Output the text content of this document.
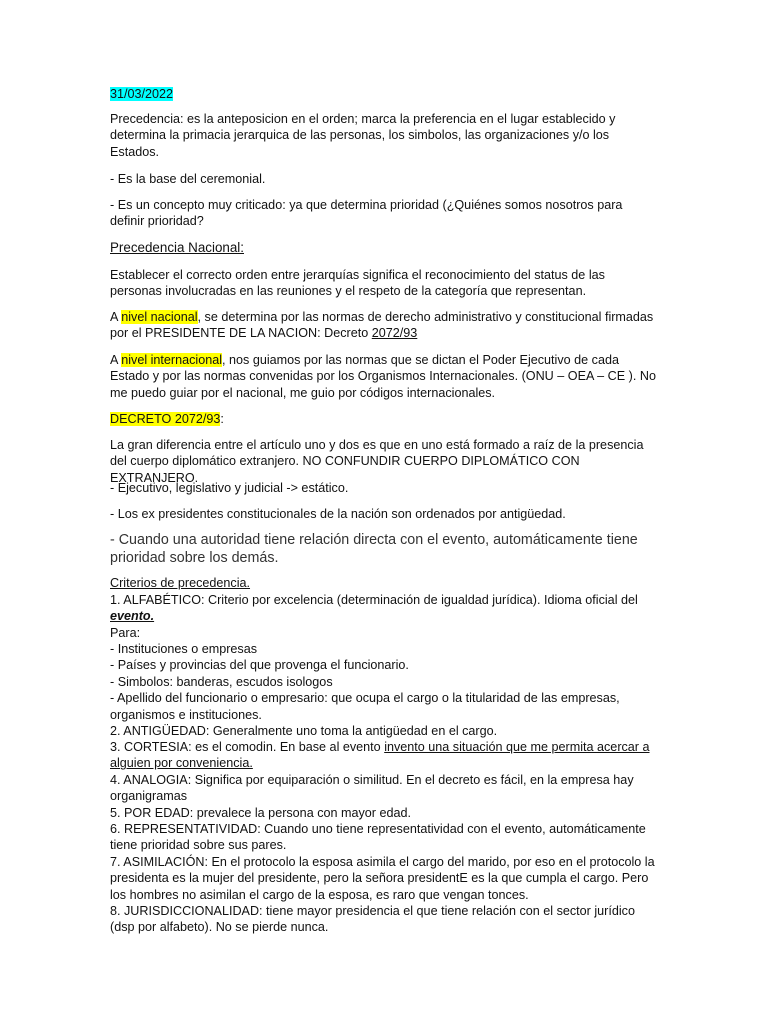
31/03/2022

Precedencia: es la anteposicion en el orden; marca la preferencia en el lugar establecido y determina la primacia jerarquica de las personas, los simbolos, las organizaciones y/o los Estados.

- Es la base del ceremonial.

- Es un concepto muy criticado: ya que determina prioridad (¿Quiénes somos nosotros para definir prioridad?

Precedencia Nacional:

Establecer el correcto orden entre jerarquías significa el reconocimiento del status de las personas involucradas en las reuniones y el respeto de la categoría que representan.

A nivel nacional, se determina por las normas de derecho administrativo y constitucional firmadas por el PRESIDENTE DE LA NACION: Decreto 2072/93

A nivel internacional, nos guiamos por las normas que se dictan el Poder Ejecutivo de cada Estado y por las normas convenidas por los Organismos Internacionales. (ONU – OEA – CE ). No me puedo guiar por el nacional, me guio por códigos internacionales.

DECRETO 2072/93:

La gran diferencia entre el artículo uno y dos es que en uno está formado a raíz de la presencia del cuerpo diplomático extranjero. NO CONFUNDIR CUERPO DIPLOMÁTICO CON EXTRANJERO.

- Ejecutivo, legislativo y judicial -> estático.

- Los ex presidentes constitucionales de la nación son ordenados por antigüedad.

- Cuando una autoridad tiene relación directa con el evento, automáticamente tiene prioridad sobre los demás.

Criterios de precedencia.

1. ALFABÉTICO: Criterio por excelencia (determinación de igualdad jurídica). Idioma oficial del evento.

Para:

- Instituciones o empresas
- Países y provincias del que provenga el funcionario.
- Simbolos: banderas, escudos isologos
- Apellido del funcionario o empresario: que ocupa el cargo o la titularidad de las empresas, organismos e instituciones.

2. ANTIGÜEDAD: Generalmente uno toma la antigüedad en el cargo.

3. CORTESIA: es el comodin. En base al evento invento una situación que me permita acercar a alguien por conveniencia.

4. ANALOGIA: Significa por equiparación o similitud. En el decreto es fácil, en la empresa hay organigramas

5. POR EDAD: prevalece la persona con mayor edad.

6. REPRESENTATIVIDAD: Cuando uno tiene representatividad con el evento, automáticamente tiene prioridad sobre sus pares.

7. ASIMILACIÓN: En el protocolo la esposa asimila el cargo del marido, por eso en el protocolo la presidenta es la mujer del presidente, pero la señora presidentE es la que cumpla el cargo. Pero los hombres no asimilan el cargo de la esposa, es raro que vengan tonces.

8. JURISDICCIONALIDAD: tiene mayor presidencia el que tiene relación con el sector jurídico (dsp por alfabeto). No se pierde nunca.
